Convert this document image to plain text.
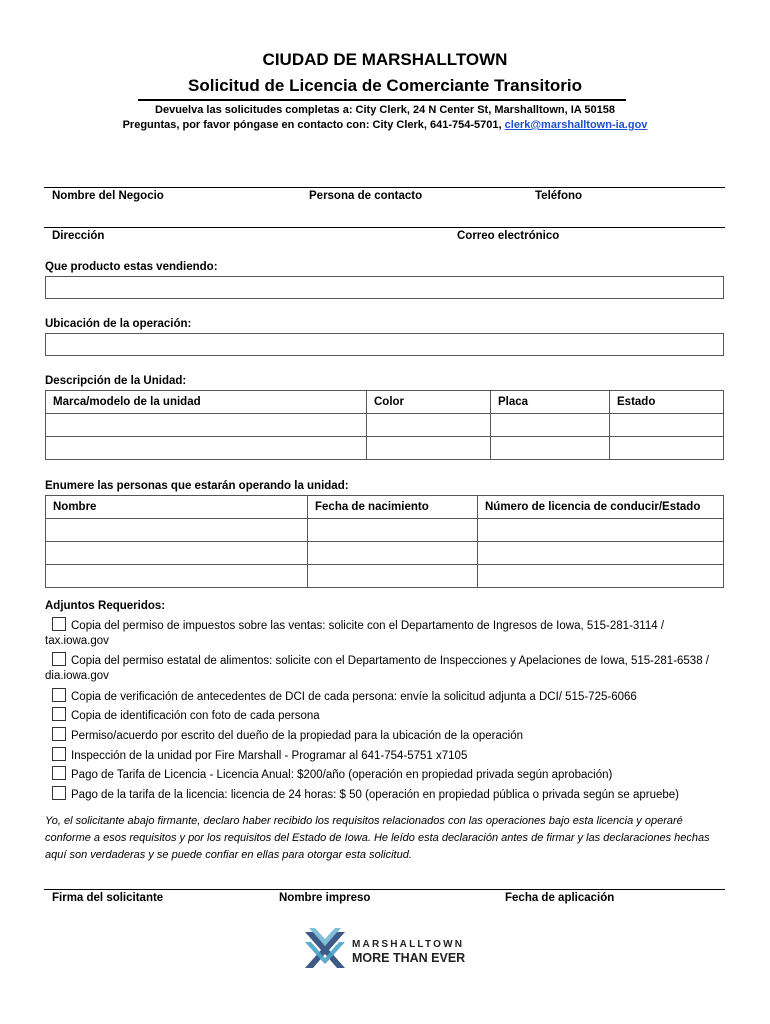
CIUDAD DE MARSHALLTOWN
Solicitud de Licencia de Comerciante Transitorio
Devuelva las solicitudes completas a: City Clerk, 24 N Center St, Marshalltown, IA 50158
Preguntas, por favor póngase en contacto con: City Clerk, 641-754-5701, clerk@marshalltown-ia.gov
Nombre del Negocio	Persona de contacto	Teléfono
Dirección	Correo electrónico
Que producto estas vendiendo:
Ubicación de la operación:
Descripción de la Unidad:
Marca/modelo de la unidad	Color	Placa	Estado

Enumere las personas que estarán operando la unidad:
Nombre	Fecha de nacimiento	Número de licencia de conducir/Estado

Adjuntos Requeridos:
Copia del permiso de impuestos sobre las ventas: solicite con el Departamento de Ingresos de Iowa, 515-281-3114 /
tax.iowa.gov
Copia del permiso estatal de alimentos: solicite con el Departamento de Inspecciones y Apelaciones de Iowa, 515-281-6538 /
dia.iowa.gov
Copia de verificación de antecedentes de DCI de cada persona: envíe la solicitud adjunta a DCI/ 515-725-6066
Copia de identificación con foto de cada persona
Permiso/acuerdo por escrito del dueño de la propiedad para la ubicación de la operación
Inspección de la unidad por Fire Marshall - Programar al 641-754-5751 x7105
Pago de Tarifa de Licencia - Licencia Anual: $200/año (operación en propiedad privada según aprobación)
Pago de la tarifa de la licencia: licencia de 24 horas: $ 50 (operación en propiedad pública o privada según se apruebe)
Yo, el solicitante abajo firmante, declaro haber recibido los requisitos relacionados con las operaciones bajo esta licencia y operaré
conforme a esos requisitos y por los requisitos del Estado de Iowa. He leído esta declaración antes de firmar y las declaraciones hechas
aquí son verdaderas y se puede confiar en ellas para otorgar esta solicitud.
Firma del solicitante	Nombre impreso	Fecha de aplicación
MARSHALLTOWN
MORE THAN EVER
